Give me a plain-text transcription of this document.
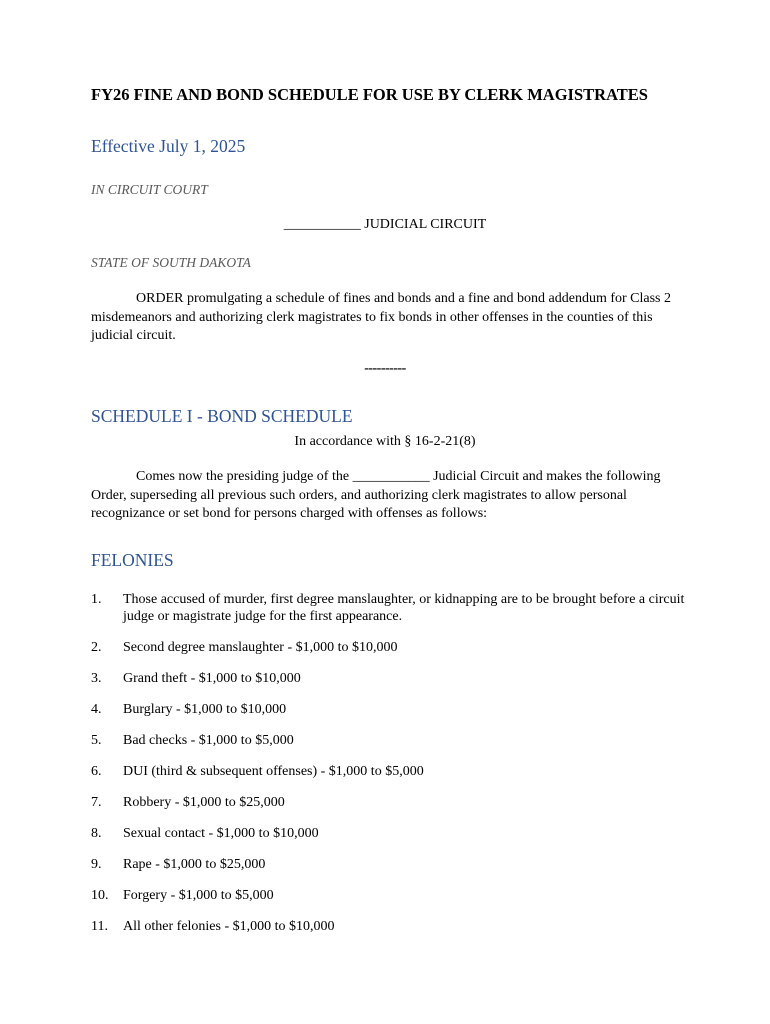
FY26 FINE AND BOND SCHEDULE FOR USE BY CLERK MAGISTRATES
Effective July 1, 2025
IN CIRCUIT COURT
___________ JUDICIAL CIRCUIT
STATE OF SOUTH DAKOTA
ORDER promulgating a schedule of fines and bonds and a fine and bond addendum for Class 2 misdemeanors and authorizing clerk magistrates to fix bonds in other offenses in the counties of this judicial circuit.
----------
SCHEDULE I - BOND SCHEDULE
In accordance with § 16-2-21(8)
Comes now the presiding judge of the ___________ Judicial Circuit and makes the following Order, superseding all previous such orders, and authorizing clerk magistrates to allow personal recognizance or set bond for persons charged with offenses as follows:
FELONIES
1.	Those accused of murder, first degree manslaughter, or kidnapping are to be brought before a circuit judge or magistrate judge for the first appearance.
2.	Second degree manslaughter - $1,000 to $10,000
3.	Grand theft - $1,000 to $10,000
4.	Burglary - $1,000 to $10,000
5.	Bad checks - $1,000 to $5,000
6.	DUI (third & subsequent offenses) - $1,000 to $5,000
7.	Robbery - $1,000 to $25,000
8.	Sexual contact - $1,000 to $10,000
9.	Rape - $1,000 to $25,000
10.	Forgery - $1,000 to $5,000
11.	All other felonies - $1,000 to $10,000
